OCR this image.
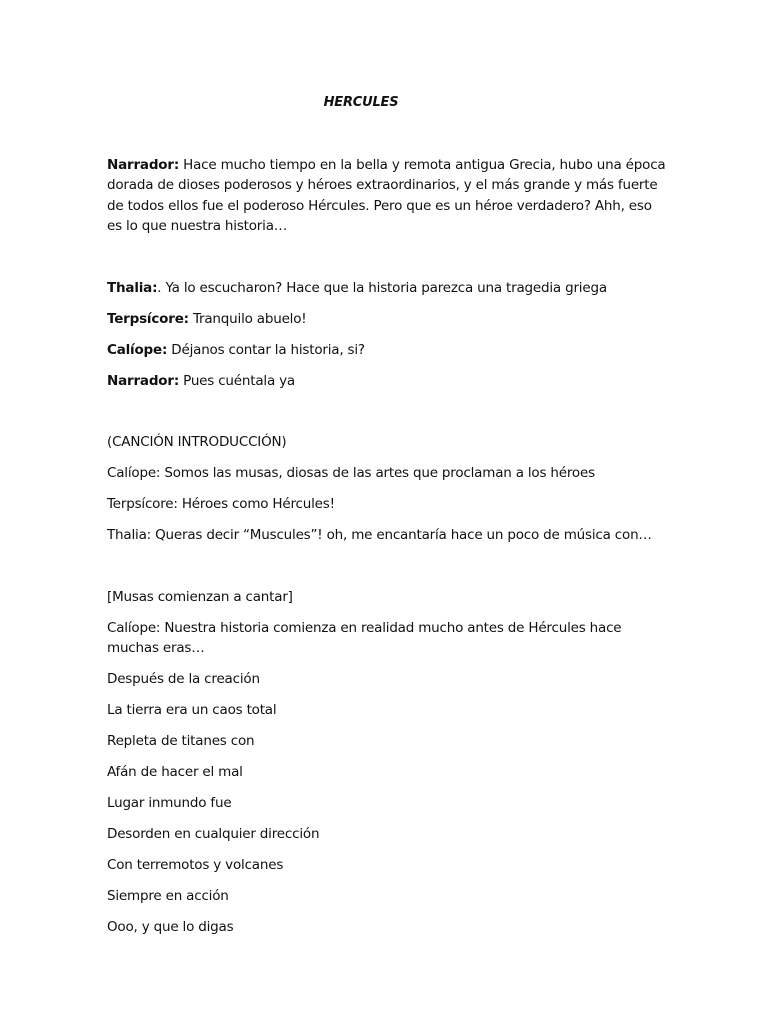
HERCULES

Narrador: Hace mucho tiempo en la bella y remota antigua Grecia, hubo una época dorada de dioses poderosos y héroes extraordinarios, y el más grande y más fuerte de todos ellos fue el poderoso Hércules. Pero que es un héroe verdadero? Ahh, eso es lo que nuestra historia…

Thalia:. Ya lo escucharon? Hace que la historia parezca una tragedia griega

Terpsícore: Tranquilo abuelo!

Calíope: Déjanos contar la historia, si?

Narrador: Pues cuéntala ya

(CANCIÓN INTRODUCCIÓN)

Calíope: Somos las musas, diosas de las artes que proclaman a los héroes

Terpsícore: Héroes como Hércules!

Thalia: Queras decir “Muscules”! oh, me encantaría hace un poco de música con…

[Musas comienzan a cantar]

Calíope: Nuestra historia comienza en realidad mucho antes de Hércules hace muchas eras…

Después de la creación

La tierra era un caos total

Repleta de titanes con

Afán de hacer el mal

Lugar inmundo fue

Desorden en cualquier dirección

Con terremotos y volcanes

Siempre en acción

Ooo, y que lo digas
